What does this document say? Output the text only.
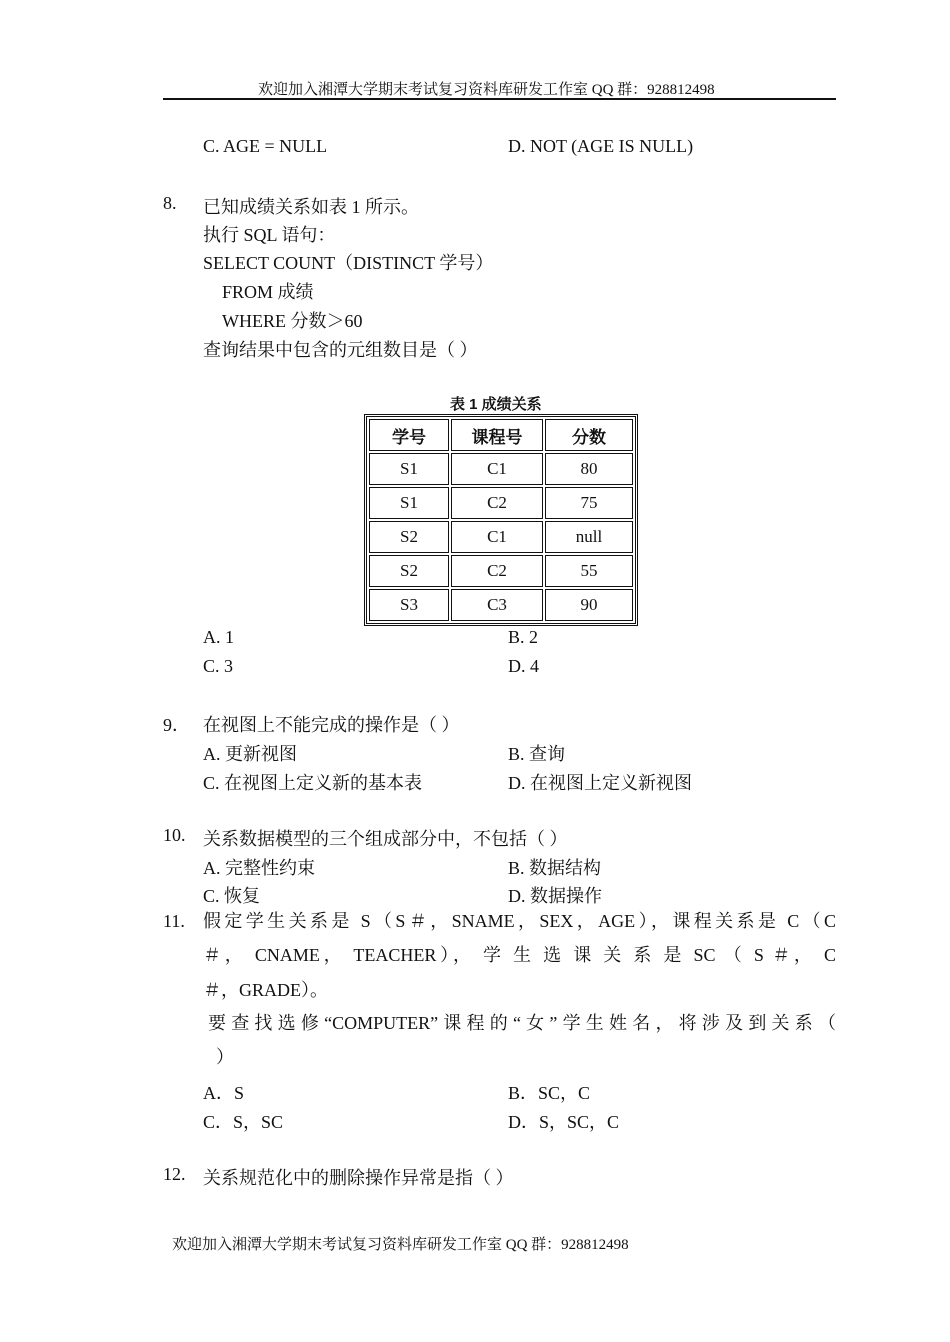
欢迎加入湘潭大学期末考试复习资料库研发工作室 QQ 群：928812498
C. AGE = NULL	D. NOT (AGE IS NULL)
8. 已知成绩关系如表 1 所示。
执行 SQL 语句：
SELECT COUNT（DISTINCT 学号）
FROM 成绩
WHERE 分数＞60
查询结果中包含的元组数目是（ ）
表 1 成绩关系
学号	课程号	分数
S1	C1	80
S1	C2	75
S2	C1	null
S2	C2	55
S3	C3	90
A. 1	B. 2
C. 3	D. 4
9． 在视图上不能完成的操作是（ ）
A. 更新视图	B. 查询
C. 在视图上定义新的基本表	D. 在视图上定义新视图
10. 关系数据模型的三个组成部分中，不包括（ ）
A. 完整性约束	B. 数据结构
C. 恢复	D. 数据操作
11. 假定学生关系是 S（S＃，SNAME，SEX，AGE），课程关系是 C（C
＃， CNAME， TEACHER）， 学 生 选 课 关 系 是 SC （ S ＃， C
＃，GRADE）。
要查找选修“COMPUTER”课程的“女”学生姓名，将涉及到关系（
）
A．S	B．SC，C
C．S，SC	D．S，SC，C
12. 关系规范化中的删除操作异常是指（ ）
欢迎加入湘潭大学期末考试复习资料库研发工作室 QQ 群：928812498
